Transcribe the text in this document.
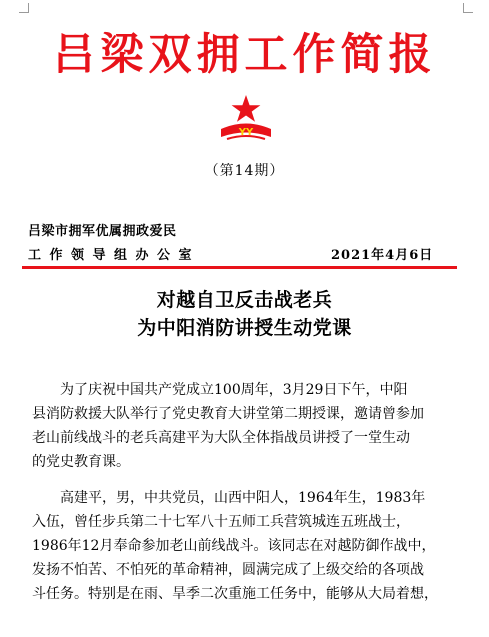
吕梁双拥工作简报
YY
（第14期）
吕梁市拥军优属拥政爱民
工作领导组办公室	2021年4月6日
对越自卫反击战老兵
为中阳消防讲授生动党课
　　为了庆祝中国共产党成立100周年，3月29日下午，中阳
县消防救援大队举行了党史教育大讲堂第二期授课，邀请曾参加
老山前线战斗的老兵高建平为大队全体指战员讲授了一堂生动
的党史教育课。
　　高建平，男，中共党员，山西中阳人，1964年生，1983年
入伍，曾任步兵第二十七军八十五师工兵营筑城连五班战士，
1986年12月奉命参加老山前线战斗。该同志在对越防御作战中，
发扬不怕苦、不怕死的革命精神，圆满完成了上级交给的各项战
斗任务。特别是在雨、旱季二次重施工任务中，能够从大局着想，
